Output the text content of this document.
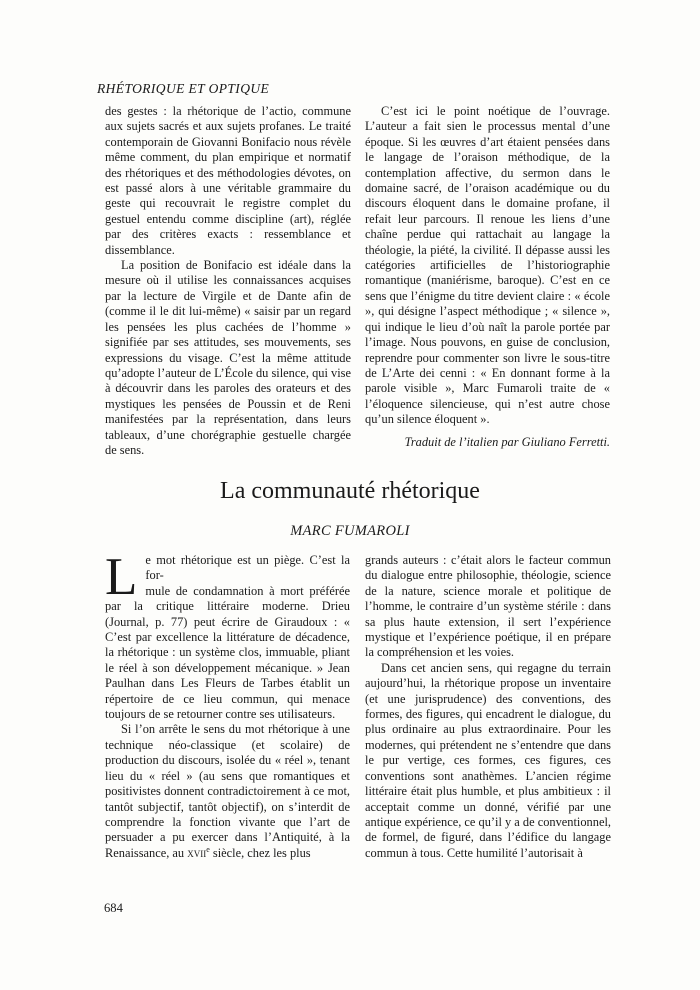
RHÉTORIQUE ET OPTIQUE

des gestes : la rhétorique de l’actio, commune aux sujets sacrés et aux sujets profanes. Le traité contemporain de Giovanni Bonifacio nous révèle même comment, du plan empirique et normatif des rhétoriques et des méthodologies dévotes, on est passé alors à une véritable grammaire du geste qui recouvrait le registre complet du gestuel entendu comme discipline (art), réglée par des critères exacts : ressemblance et dissemblance.

La position de Bonifacio est idéale dans la mesure où il utilise les connaissances acquises par la lecture de Virgile et de Dante afin de (comme il le dit lui-même) « saisir par un regard les pensées les plus cachées de l’homme » signifiée par ses attitudes, ses mouvements, ses expressions du visage. C’est la même attitude qu’adopte l’auteur de L’École du silence, qui vise à découvrir dans les paroles des orateurs et des mystiques les pensées de Poussin et de Reni manifestées par la représentation, dans leurs tableaux, d’une chorégraphie gestuelle chargée de sens.

C’est ici le point noétique de l’ouvrage. L’auteur a fait sien le processus mental d’une époque. Si les œuvres d’art étaient pensées dans le langage de l’oraison méthodique, de la contemplation affective, du sermon dans le domaine sacré, de l’oraison académique ou du discours éloquent dans le domaine profane, il refait leur parcours. Il renoue les liens d’une chaîne perdue qui rattachait au langage la théologie, la piété, la civilité. Il dépasse aussi les catégories artificielles de l’historiographie romantique (maniérisme, baroque). C’est en ce sens que l’énigme du titre devient claire : « école », qui désigne l’aspect méthodique ; « silence », qui indique le lieu d’où naît la parole portée par l’image. Nous pouvons, en guise de conclusion, reprendre pour commenter son livre le sous-titre de L’Arte dei cenni : « En donnant forme à la parole visible », Marc Fumaroli traite de « l’éloquence silencieuse, qui n’est autre chose qu’un silence éloquent ».

Traduit de l’italien par Giuliano Ferretti.

La communauté rhétorique
MARC FUMAROLI

L e mot rhétorique est un piège. C’est la for-
mule de condamnation à mort préférée
par la critique littéraire moderne. Drieu
(Journal, p. 77) peut écrire de Giraudoux : « C’est par excellence la littérature de décadence, la rhétorique : un système clos, immuable, pliant le réel à son développement mécanique. » Jean Paulhan dans Les Fleurs de Tarbes établit un répertoire de ce lieu commun, qui menace toujours de se retourner contre ses utilisateurs.

Si l’on arrête le sens du mot rhétorique à une technique néo-classique (et scolaire) de production du discours, isolée du « réel », tenant lieu du « réel » (au sens que romantiques et positivistes donnent contradictoirement à ce mot, tantôt subjectif, tantôt objectif), on s’interdit de comprendre la fonction vivante que l’art de persuader a pu exercer dans l’Antiquité, à la Renaissance, au xvii$^e$ siècle, chez les plus

grands auteurs : c’était alors le facteur commun du dialogue entre philosophie, théologie, science de la nature, science morale et politique de l’homme, le contraire d’un système stérile : dans sa plus haute extension, il sert l’expérience mystique et l’expérience poétique, il en prépare la compréhension et les voies.

Dans cet ancien sens, qui regagne du terrain aujourd’hui, la rhétorique propose un inventaire (et une jurisprudence) des conventions, des formes, des figures, qui encadrent le dialogue, du plus ordinaire au plus extraordinaire. Pour les modernes, qui prétendent ne s’entendre que dans le pur vertige, ces formes, ces figures, ces conventions sont anathèmes. L’ancien régime littéraire était plus humble, et plus ambitieux : il acceptait comme un donné, vérifié par une antique expérience, ce qu’il y a de conventionnel, de formel, de figuré, dans l’édifice du langage commun à tous. Cette humilité l’autorisait à

684
